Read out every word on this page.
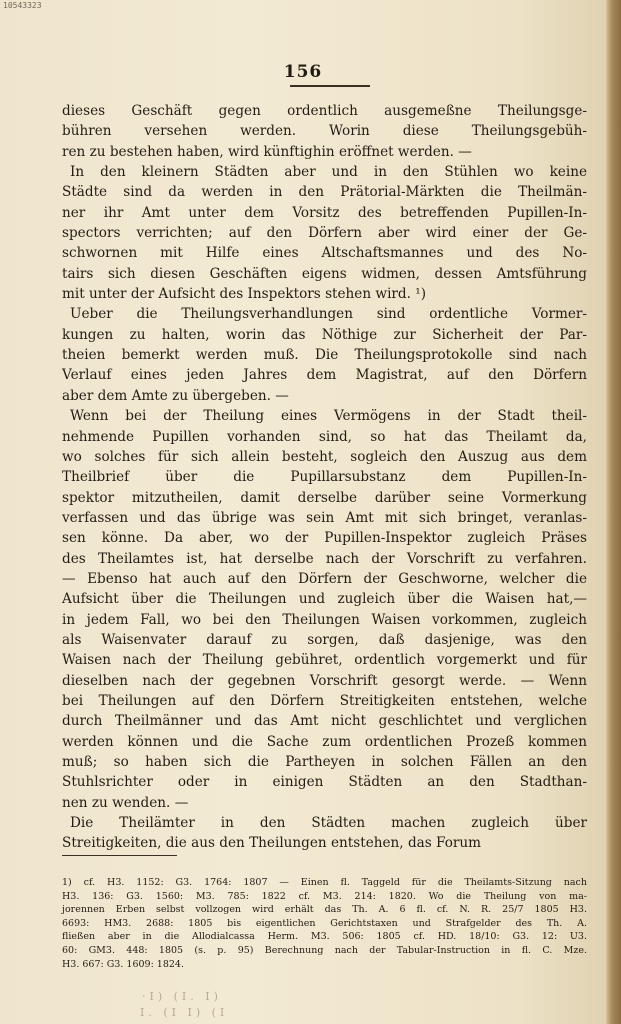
10543323
156
dieses Geschäft gegen ordentlich ausgemeßne Theilungsge-
bühren versehen werden. Worin diese Theilungsgebüh-
ren zu bestehen haben, wird künftighin eröffnet werden. —
In den kleinern Städten aber und in den Stühlen wo keine
Städte sind da werden in den Prätorial-Märkten die Theilmän-
ner ihr Amt unter dem Vorsitz des betreffenden Pupillen-In-
spectors verrichten; auf den Dörfern aber wird einer der Ge-
schwornen mit Hilfe eines Altschaftsmannes und des No-
tairs sich diesen Geschäften eigens widmen, dessen Amtsführung
mit unter der Aufsicht des Inspektors stehen wird. ¹)
Ueber die Theilungsverhandlungen sind ordentliche Vormer-
kungen zu halten, worin das Nöthige zur Sicherheit der Par-
theien bemerkt werden muß. Die Theilungsprotokolle sind nach
Verlauf eines jeden Jahres dem Magistrat, auf den Dörfern
aber dem Amte zu übergeben. —
Wenn bei der Theilung eines Vermögens in der Stadt theil-
nehmende Pupillen vorhanden sind, so hat das Theilamt da,
wo solches für sich allein besteht, sogleich den Auszug aus dem
Theilbrief über die Pupillarsubstanz dem Pupillen-In-
spektor mitzutheilen, damit derselbe darüber seine Vormerkung
verfassen und das übrige was sein Amt mit sich bringet, veranlas-
sen könne. Da aber, wo der Pupillen-Inspektor zugleich Präses
des Theilamtes ist, hat derselbe nach der Vorschrift zu verfahren.
— Ebenso hat auch auf den Dörfern der Geschworne, welcher die
Aufsicht über die Theilungen und zugleich über die Waisen hat,—
in jedem Fall, wo bei den Theilungen Waisen vorkommen, zugleich
als Waisenvater darauf zu sorgen, daß dasjenige, was den
Waisen nach der Theilung gebühret, ordentlich vorgemerkt und für
dieselben nach der gegebnen Vorschrift gesorgt werde. — Wenn
bei Theilungen auf den Dörfern Streitigkeiten entstehen, welche
durch Theilmänner und das Amt nicht geschlichtet und verglichen
werden können und die Sache zum ordentlichen Prozeß kommen
muß; so haben sich die Partheyen in solchen Fällen an den
Stuhlsrichter oder in einigen Städten an den Stadthan-
nen zu wenden. —
Die Theilämter in den Städten machen zugleich über
Streitigkeiten, die aus den Theilungen entstehen, das Forum
1) cf. H3. 1152: G3. 1764: 1807 — Einen fl. Taggeld für die Theilamts-Sitzung nach
H3. 136: G3. 1560: M3. 785: 1822 cf. M3. 214: 1820. Wo die Theilung von ma-
jorennen Erben selbst vollzogen wird erhält das Th. A. 6 fl. cf. N. R. 25/7 1805 H3.
6693: HM3. 2688: 1805 bis eigentlichen Gerichtstaxen und Strafgelder des Th. A.
fließen aber in die Allodialcassa Herm. M3. 506: 1805 cf. HD. 18/10: G3. 12: U3.
60: GM3. 448: 1805 (s. p. 95) Berechnung nach der Tabular-Instruction in fl. C. Mze.
H3. 667: G3. 1609: 1824.
·I) (I. I)
I. (I I) (I
